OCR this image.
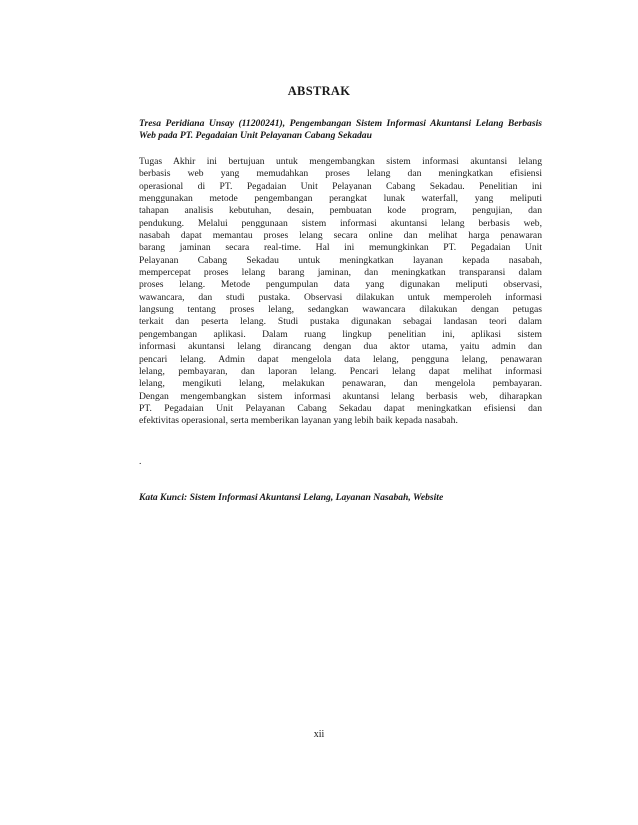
ABSTRAK
Tresa Peridiana Unsay (11200241), Pengembangan Sistem Informasi Akuntansi Lelang Berbasis Web pada PT. Pegadaian Unit Pelayanan Cabang Sekadau
Tugas Akhir ini bertujuan untuk mengembangkan sistem informasi akuntansi lelang
berbasis web yang memudahkan proses lelang dan meningkatkan efisiensi
operasional di PT. Pegadaian Unit Pelayanan Cabang Sekadau. Penelitian ini
menggunakan metode pengembangan perangkat lunak waterfall, yang meliputi
tahapan analisis kebutuhan, desain, pembuatan kode program, pengujian, dan
pendukung. Melalui penggunaan sistem informasi akuntansi lelang berbasis web,
nasabah dapat memantau proses lelang secara online dan melihat harga penawaran
barang jaminan secara real-time. Hal ini memungkinkan PT. Pegadaian Unit
Pelayanan Cabang Sekadau untuk meningkatkan layanan kepada nasabah,
mempercepat proses lelang barang jaminan, dan meningkatkan transparansi dalam
proses lelang. Metode pengumpulan data yang digunakan meliputi observasi,
wawancara, dan studi pustaka. Observasi dilakukan untuk memperoleh informasi
langsung tentang proses lelang, sedangkan wawancara dilakukan dengan petugas
terkait dan peserta lelang. Studi pustaka digunakan sebagai landasan teori dalam
pengembangan aplikasi. Dalam ruang lingkup penelitian ini, aplikasi sistem
informasi akuntansi lelang dirancang dengan dua aktor utama, yaitu admin dan
pencari lelang. Admin dapat mengelola data lelang, pengguna lelang, penawaran
lelang, pembayaran, dan laporan lelang. Pencari lelang dapat melihat informasi
lelang, mengikuti lelang, melakukan penawaran, dan mengelola pembayaran.
Dengan mengembangkan sistem informasi akuntansi lelang berbasis web, diharapkan
PT. Pegadaian Unit Pelayanan Cabang Sekadau dapat meningkatkan efisiensi dan
efektivitas operasional, serta memberikan layanan yang lebih baik kepada nasabah.
.
Kata Kunci: Sistem Informasi Akuntansi Lelang, Layanan Nasabah, Website
xii
